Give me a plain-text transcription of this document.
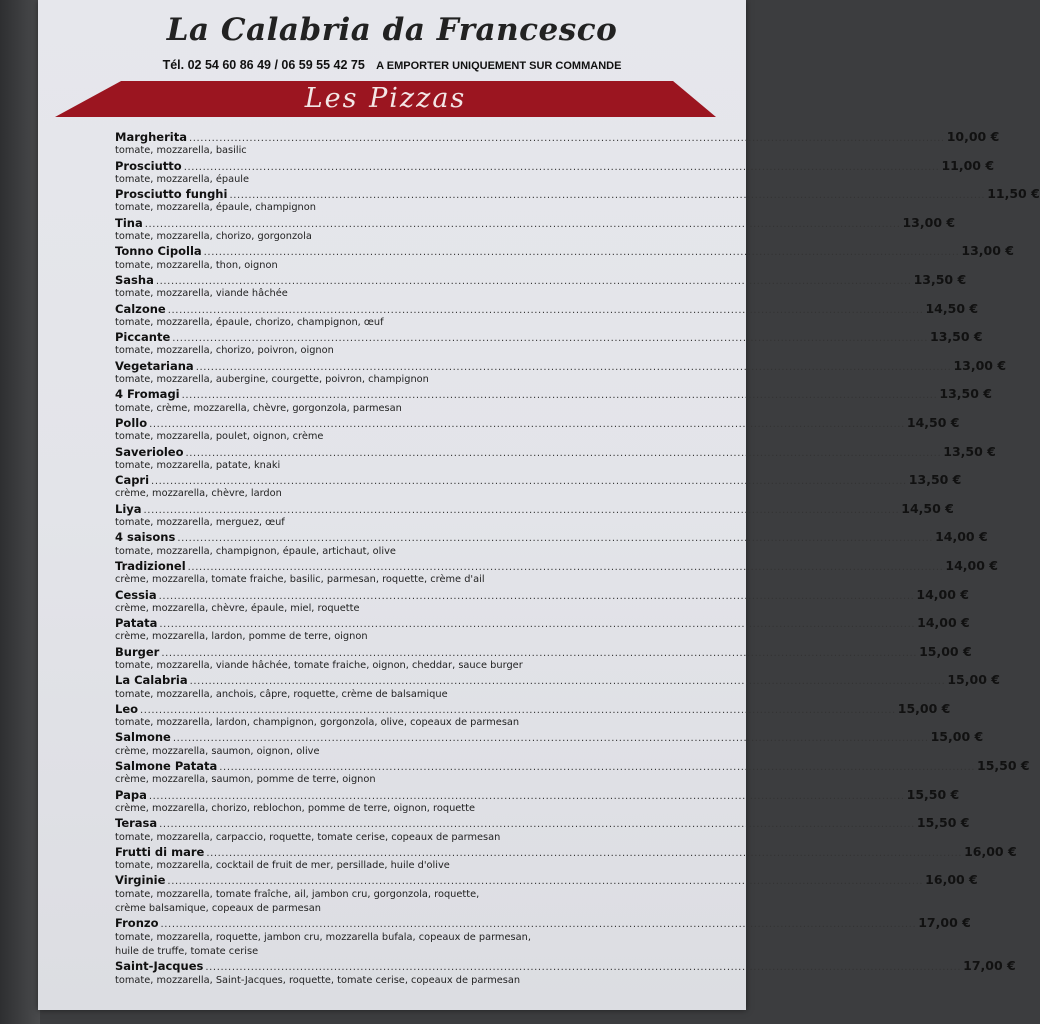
La Calabria da Francesco
Tél. 02 54 60 86 49 / 06 59 55 42 75 A EMPORTER UNIQUEMENT SUR COMMANDE
Les Pizzas
Margherita ........................................................................................................................................................................................................ 10,00 €
tomate, mozzarella, basilic
Prosciutto ........................................................................................................................................................................................................ 11,00 €
tomate, mozzarella, épaule
Prosciutto funghi ........................................................................................................................................................................................................ 11,50 €
tomate, mozzarella, épaule, champignon
Tina ........................................................................................................................................................................................................ 13,00 €
tomate, mozzarella, chorizo, gorgonzola
Tonno Cipolla ........................................................................................................................................................................................................ 13,00 €
tomate, mozzarella, thon, oignon
Sasha ........................................................................................................................................................................................................ 13,50 €
tomate, mozzarella, viande hâchée
Calzone ........................................................................................................................................................................................................ 14,50 €
tomate, mozzarella, épaule, chorizo, champignon, œuf
Piccante ........................................................................................................................................................................................................ 13,50 €
tomate, mozzarella, chorizo, poivron, oignon
Vegetariana ........................................................................................................................................................................................................ 13,00 €
tomate, mozzarella, aubergine, courgette, poivron, champignon
4 Fromagi ........................................................................................................................................................................................................ 13,50 €
tomate, crème, mozzarella, chèvre, gorgonzola, parmesan
Pollo ........................................................................................................................................................................................................ 14,50 €
tomate, mozzarella, poulet, oignon, crème
Saverioleo ........................................................................................................................................................................................................ 13,50 €
tomate, mozzarella, patate, knaki
Capri ........................................................................................................................................................................................................ 13,50 €
crème, mozzarella, chèvre, lardon
Liya ........................................................................................................................................................................................................ 14,50 €
tomate, mozzarella, merguez, œuf
4 saisons ........................................................................................................................................................................................................ 14,00 €
tomate, mozzarella, champignon, épaule, artichaut, olive
Tradizionel ........................................................................................................................................................................................................ 14,00 €
crème, mozzarella, tomate fraiche, basilic, parmesan, roquette, crème d'ail
Cessia ........................................................................................................................................................................................................ 14,00 €
crème, mozzarella, chèvre, épaule, miel, roquette
Patata ........................................................................................................................................................................................................ 14,00 €
crème, mozzarella, lardon, pomme de terre, oignon
Burger ........................................................................................................................................................................................................ 15,00 €
tomate, mozzarella, viande hâchée, tomate fraiche, oignon, cheddar, sauce burger
La Calabria ........................................................................................................................................................................................................ 15,00 €
tomate, mozzarella, anchois, câpre, roquette, crème de balsamique
Leo ........................................................................................................................................................................................................ 15,00 €
tomate, mozzarella, lardon, champignon, gorgonzola, olive, copeaux de parmesan
Salmone ........................................................................................................................................................................................................ 15,00 €
crème, mozzarella, saumon, oignon, olive
Salmone Patata ........................................................................................................................................................................................................ 15,50 €
crème, mozzarella, saumon, pomme de terre, oignon
Papa ........................................................................................................................................................................................................ 15,50 €
crème, mozzarella, chorizo, reblochon, pomme de terre, oignon, roquette
Terasa ........................................................................................................................................................................................................ 15,50 €
tomate, mozzarella, carpaccio, roquette, tomate cerise, copeaux de parmesan
Frutti di mare ........................................................................................................................................................................................................ 16,00 €
tomate, mozzarella, cocktail de fruit de mer, persillade, huile d'olive
Virginie ........................................................................................................................................................................................................ 16,00 €
tomate, mozzarella, tomate fraîche, ail, jambon cru, gorgonzola, roquette,
crème balsamique, copeaux de parmesan
Fronzo ........................................................................................................................................................................................................ 17,00 €
tomate, mozzarella, roquette, jambon cru, mozzarella bufala, copeaux de parmesan,
huile de truffe, tomate cerise
Saint-Jacques ........................................................................................................................................................................................................ 17,00 €
tomate, mozzarella, Saint-Jacques, roquette, tomate cerise, copeaux de parmesan
